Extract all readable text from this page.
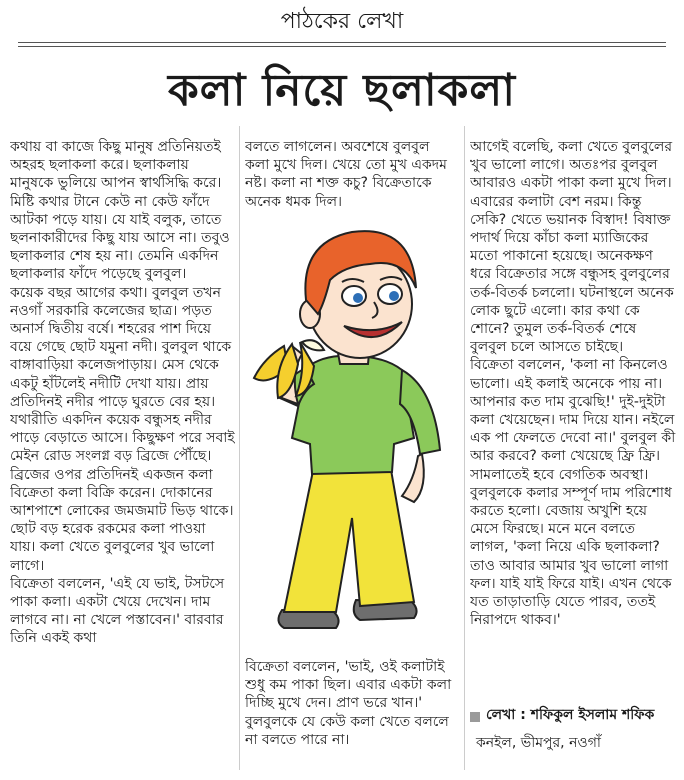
পাঠকের লেখা
কলা নিয়ে ছলাকলা
কথায় বা কাজে কিছু মানুষ প্রতিনিয়তই অহরহ ছলাকলা করে। ছলাকলায় মানুষকে ভুলিয়ে আপন স্বার্থসিদ্ধি করে। মিষ্টি কথার টানে কেউ না কেউ ফাঁদে আটকা পড়ে যায়। যে যাই বলুক, তাতে ছলনাকারীদের কিছু যায় আসে না। তবুও ছলাকলার শেষ হয় না। তেমনি একদিন ছলাকলার ফাঁদে পড়েছে বুলবুল।
কয়েক বছর আগের কথা। বুলবুল তখন নওগাঁ সরকারি কলেজের ছাত্র। পড়ত অনার্স দ্বিতীয় বর্ষে। শহরের পাশ দিয়ে বয়ে গেছে ছোট যমুনা নদী। বুলবুল থাকে বাঙ্গাবাড়িয়া কলেজপাড়ায়। মেস থেকে একটু হাঁটলেই নদীটি দেখা যায়। প্রায় প্রতিদিনই নদীর পাড়ে ঘুরতে বের হয়।
যথারীতি একদিন কয়েক বন্ধুসহ নদীর পাড়ে বেড়াতে আসে। কিছুক্ষণ পরে সবাই মেইন রোড সংলগ্ন বড় ব্রিজে পৌঁছে। ব্রিজের ওপর প্রতিদিনই একজন কলা বিক্রেতা কলা বিক্রি করেন। দোকানের আশপাশে লোকের জমজমাট ভিড় থাকে। ছোট বড় হরেক রকমের কলা পাওয়া যায়। কলা খেতে বুলবুলের খুব ভালো লাগে।
বিক্রেতা বললেন, 'এই যে ভাই, টসটসে পাকা কলা। একটা খেয়ে দেখেন। দাম লাগবে না। না খেলে পস্তাবেন।' বারবার তিনি একই কথা
বলতে লাগলেন। অবশেষে বুলবুল কলা মুখে দিল। খেয়ে তো মুখ একদম নষ্ট। কলা না শক্ত কচু? বিক্রেতাকে অনেক ধমক দিল।
বিক্রেতা বললেন, 'ভাই, ওই কলাটাই শুধু কম পাকা ছিল। এবার একটা কলা দিচ্ছি মুখে দেন। প্রাণ ভরে খান।' বুলবুলকে যে কেউ কলা খেতে বললে না বলতে পারে না।
আগেই বলেছি, কলা খেতে বুলবুলের খুব ভালো লাগে। অতঃপর বুলবুল আবারও একটা পাকা কলা মুখে দিল। এবারের কলাটা বেশ নরম। কিন্তু সেকি? খেতে ভয়ানক বিস্বাদ! বিষাক্ত পদার্থ দিয়ে কাঁচা কলা ম্যাজিকের মতো পাকানো হয়েছে। অনেকক্ষণ ধরে বিক্রেতার সঙ্গে বন্ধুসহ বুলবুলের তর্ক-বিতর্ক চললো। ঘটনাস্থলে অনেক লোক ছুটে এলো। কার কথা কে শোনে? তুমুল তর্ক-বিতর্ক শেষে বুলবুল চলে আসতে চাইছে।
বিক্রেতা বললেন, 'কলা না কিনলেও ভালো। এই কলাই অনেকে পায় না। আপনার কত দাম বুঝেছি!' দুই-দুইটা কলা খেয়েছেন। দাম দিয়ে যান। নইলে এক পা ফেলতে দেবো না।' বুলবুল কী আর করবে? কলা খেয়েছে ফ্রি ফ্রি। সামলাতেই হবে বেগতিক অবস্থা। বুলবুলকে কলার সম্পূর্ণ দাম পরিশোধ করতে হলো। বেজায় অখুশি হয়ে মেসে ফিরছে। মনে মনে বলতে লাগল, 'কলা নিয়ে একি ছলাকলা? তাও আবার আমার খুব ভালো লাগা ফল। যাই যাই ফিরে যাই। এখন থেকে যত তাড়াতাড়ি যেতে পারব, ততই নিরাপদে থাকব।'
লেখা : শফিকুল ইসলাম শফিক
কনইল, ভীমপুর, নওগাঁ
